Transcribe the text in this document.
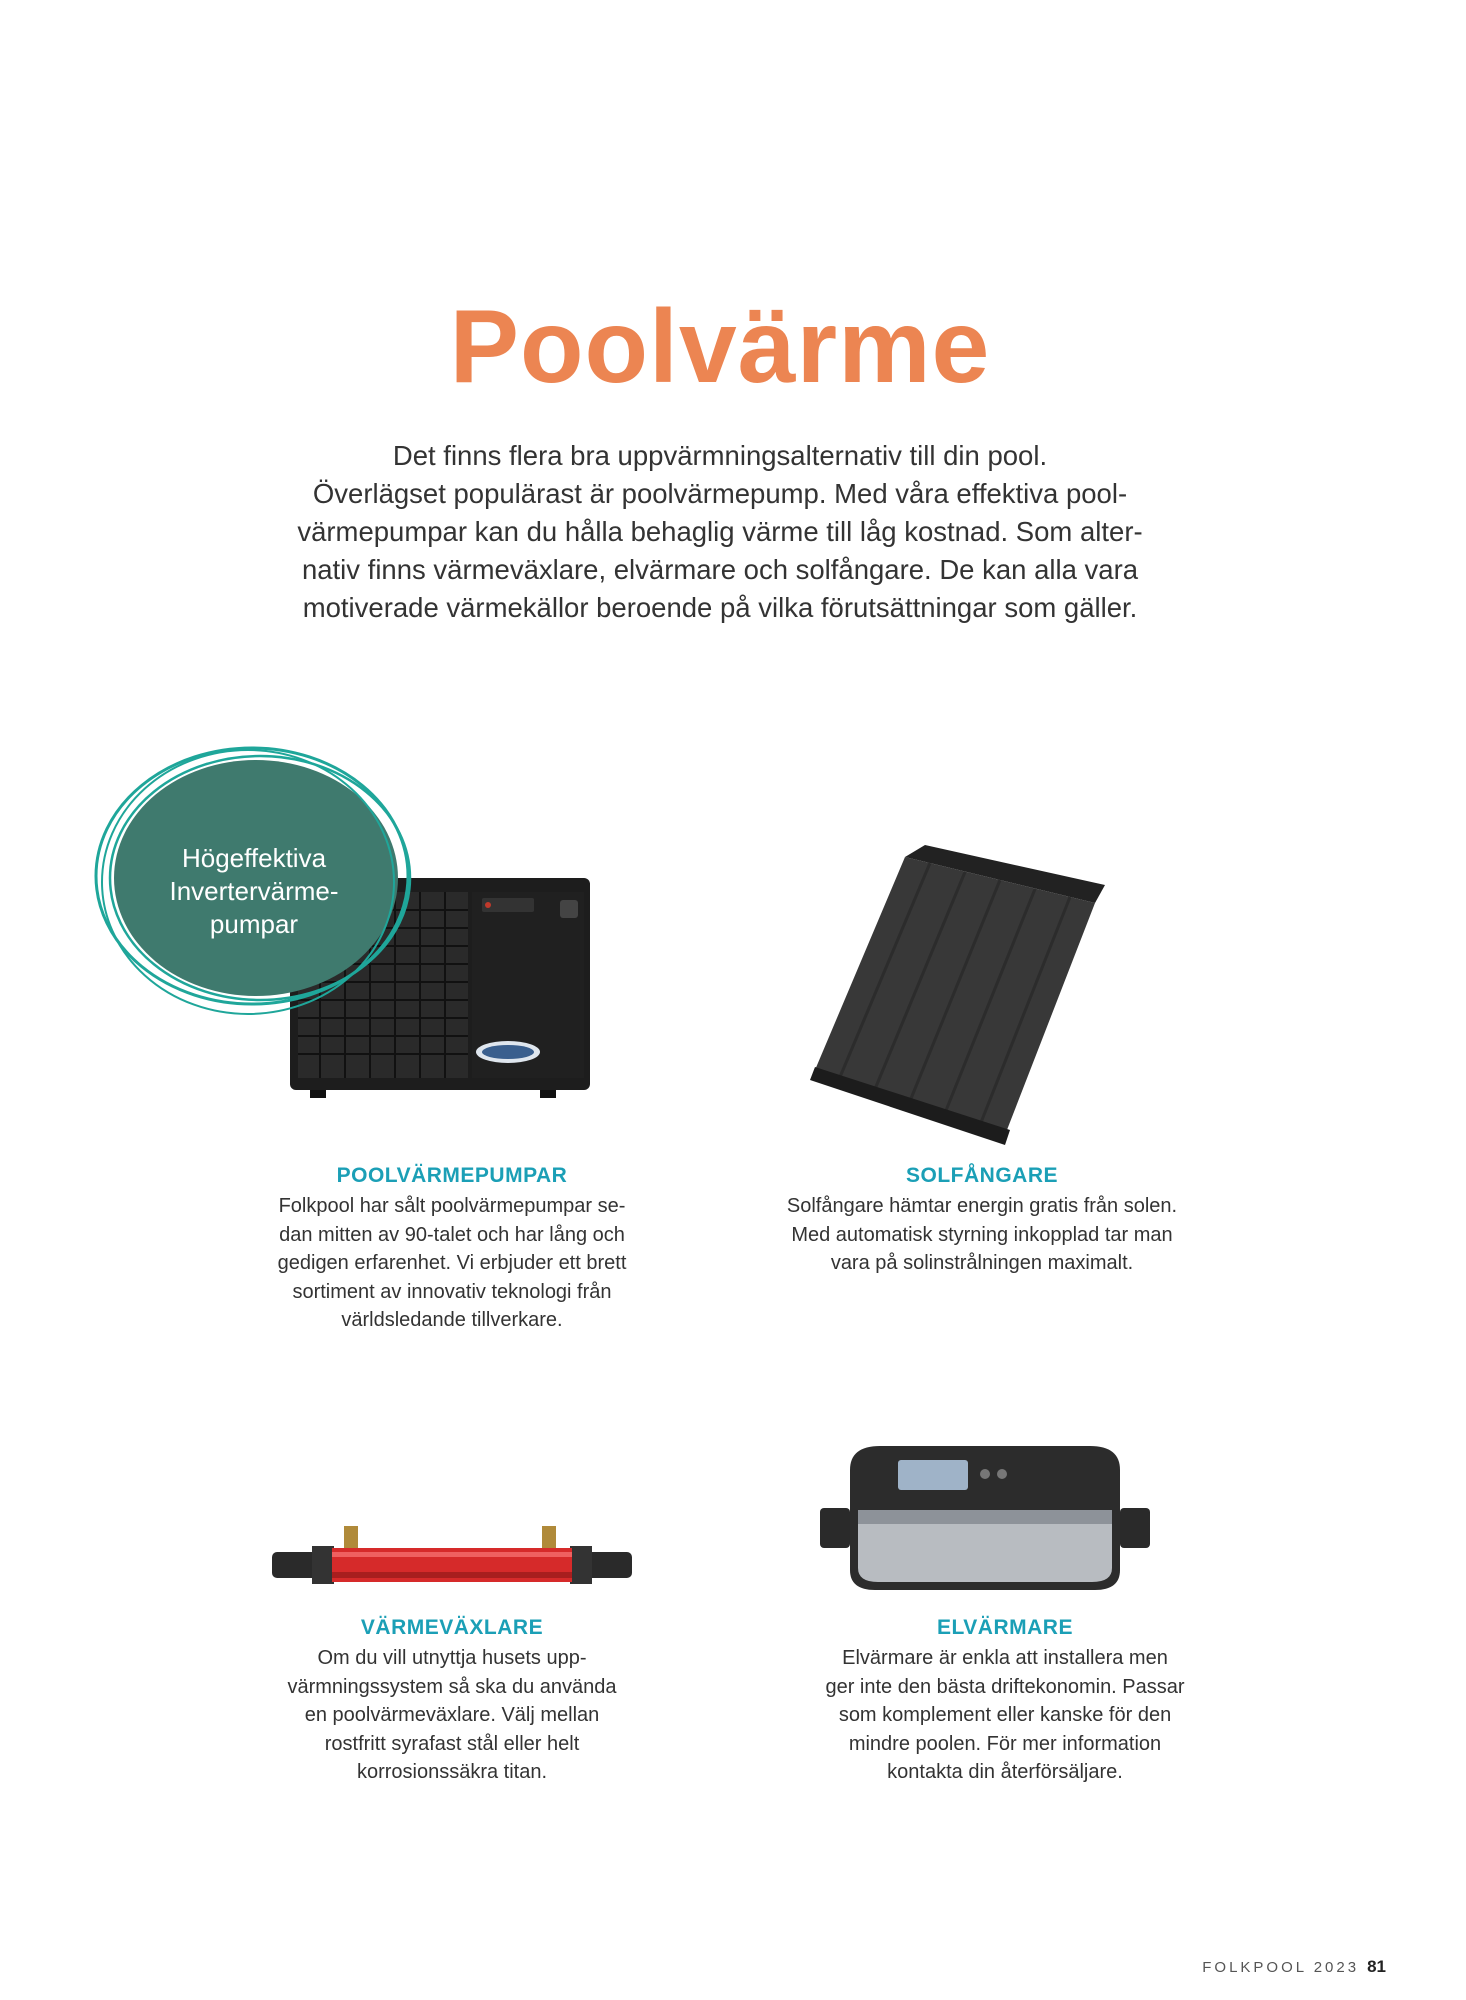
Poolvärme
Det finns flera bra uppvärmningsalternativ till din pool.
Överlägset populärast är poolvärmepump. Med våra effektiva pool-
värmepumpar kan du hålla behaglig värme till låg kostnad. Som alter-
nativ finns värmeväxlare, elvärmare och solfångare. De kan alla vara
motiverade värmekällor beroende på vilka förutsättningar som gäller.
Högeffektiva
Invertervärme-
pumpar
POOLVÄRMEPUMPAR
Folkpool har sålt poolvärmepumpar se-
dan mitten av 90-talet och har lång och
gedigen erfarenhet. Vi erbjuder ett brett
sortiment av innovativ teknologi från
världsledande tillverkare.
SOLFÅNGARE
Solfångare hämtar energin gratis från solen.
Med automatisk styrning inkopplad tar man
vara på solinstrålningen maximalt.
VÄRMEVÄXLARE
Om du vill utnyttja husets upp-
värmningssystem så ska du använda
en poolvärmeväxlare. Välj mellan
rostfritt syrafast stål eller helt
korrosionssäkra titan.
ELVÄRMARE
Elvärmare är enkla att installera men
ger inte den bästa driftekonomin. Passar
som komplement eller kanske för den
mindre poolen. För mer information
kontakta din återförsäljare.
FOLKPOOL 2023 81
